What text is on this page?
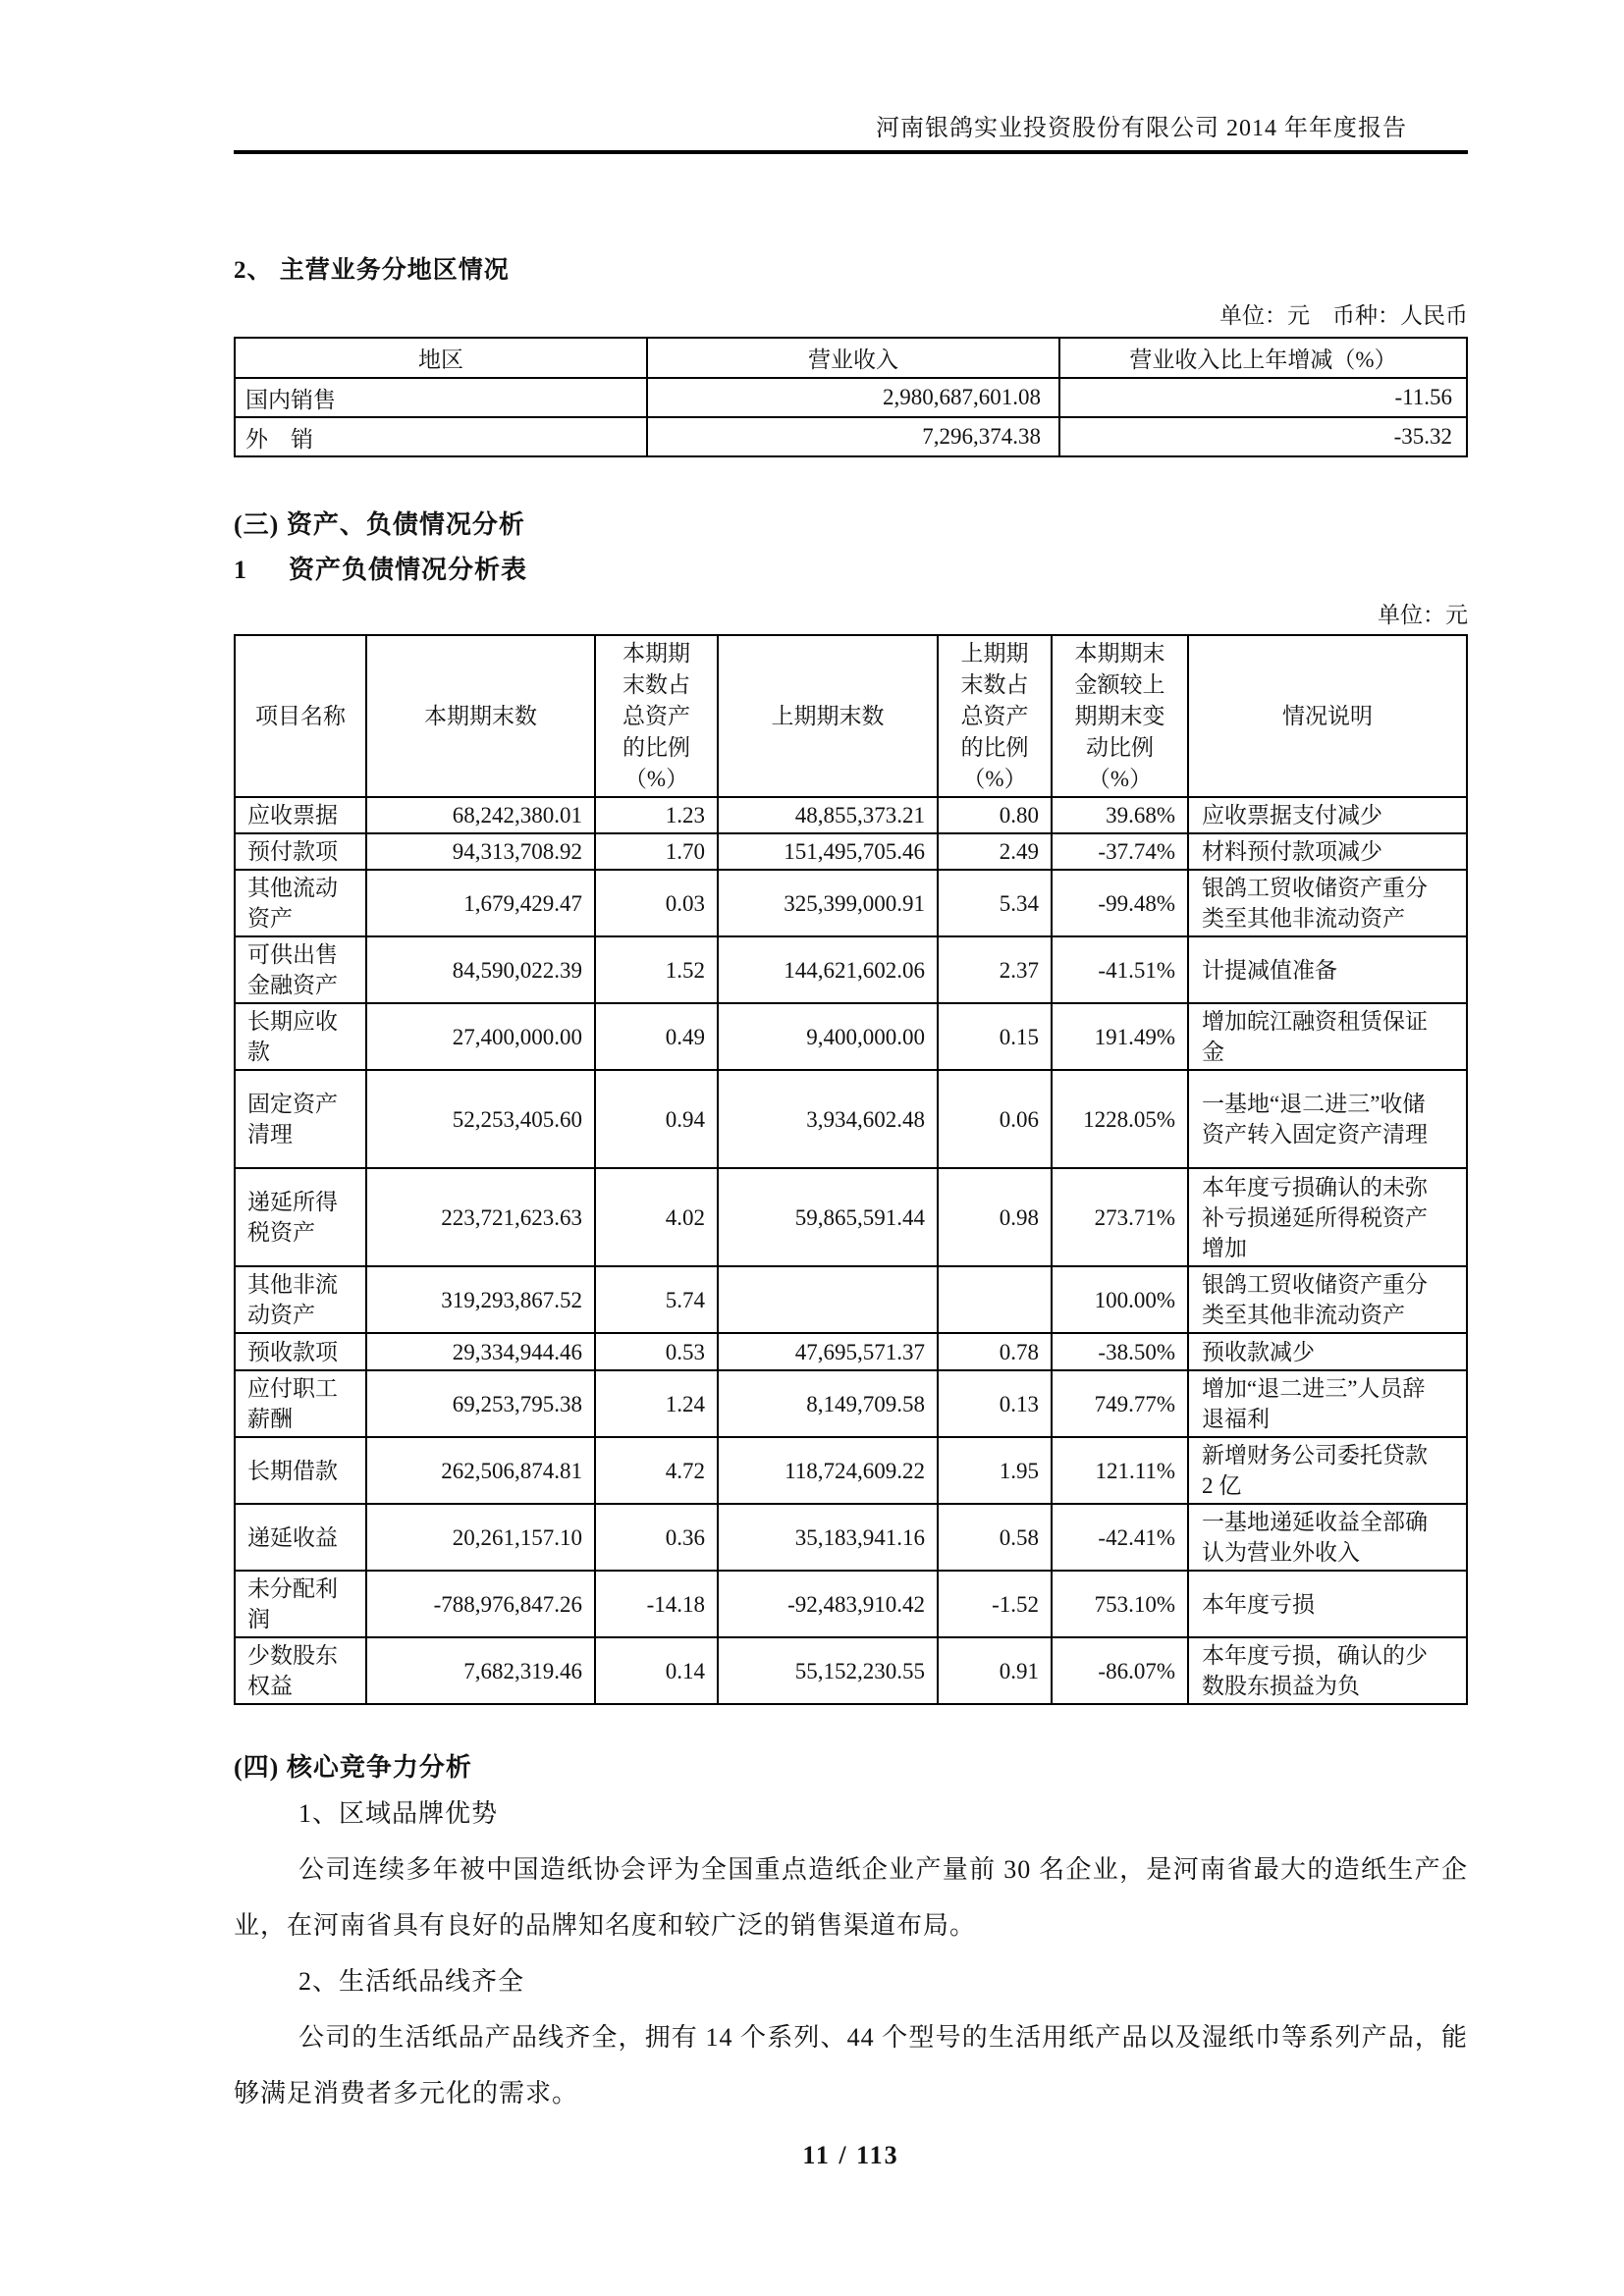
河南银鸽实业投资股份有限公司 2014 年年度报告
2、 主营业务分地区情况
单位：元　币种：人民币
地区	营业收入	营业收入比上年增减（%）
国内销售	2,980,687,601.08	-11.56
外　销	7,296,374.38	-35.32
(三) 资产、负债情况分析
1 资产负债情况分析表
单位：元
项目名称	本期期末数	本期期末数占总资产的比例（%）	上期期末数	上期期末数占总资产的比例（%）	本期期末金额较上期期末变动比例（%）	情况说明
应收票据	68,242,380.01	1.23	48,855,373.21	0.80	39.68%	应收票据支付减少
预付款项	94,313,708.92	1.70	151,495,705.46	2.49	-37.74%	材料预付款项减少
其他流动资产	1,679,429.47	0.03	325,399,000.91	5.34	-99.48%	银鸽工贸收储资产重分类至其他非流动资产
可供出售金融资产	84,590,022.39	1.52	144,621,602.06	2.37	-41.51%	计提减值准备
长期应收款	27,400,000.00	0.49	9,400,000.00	0.15	191.49%	增加皖江融资租赁保证金
固定资产清理	52,253,405.60	0.94	3,934,602.48	0.06	1228.05%	一基地“退二进三”收储资产转入固定资产清理
递延所得税资产	223,721,623.63	4.02	59,865,591.44	0.98	273.71%	本年度亏损确认的未弥补亏损递延所得税资产增加
其他非流动资产	319,293,867.52	5.74			100.00%	银鸽工贸收储资产重分类至其他非流动资产
预收款项	29,334,944.46	0.53	47,695,571.37	0.78	-38.50%	预收款减少
应付职工薪酬	69,253,795.38	1.24	8,149,709.58	0.13	749.77%	增加“退二进三”人员辞退福利
长期借款	262,506,874.81	4.72	118,724,609.22	1.95	121.11%	新增财务公司委托贷款 2 亿
递延收益	20,261,157.10	0.36	35,183,941.16	0.58	-42.41%	一基地递延收益全部确认为营业外收入
未分配利润	-788,976,847.26	-14.18	-92,483,910.42	-1.52	753.10%	本年度亏损
少数股东权益	7,682,319.46	0.14	55,152,230.55	0.91	-86.07%	本年度亏损，确认的少数股东损益为负
(四) 核心竞争力分析
1、区域品牌优势
公司连续多年被中国造纸协会评为全国重点造纸企业产量前 30 名企业，是河南省最大的造纸生产企业，在河南省具有良好的品牌知名度和较广泛的销售渠道布局。
2、生活纸品线齐全
公司的生活纸品产品线齐全，拥有 14 个系列、44 个型号的生活用纸产品以及湿纸巾等系列产品，能够满足消费者多元化的需求。
11 / 113
